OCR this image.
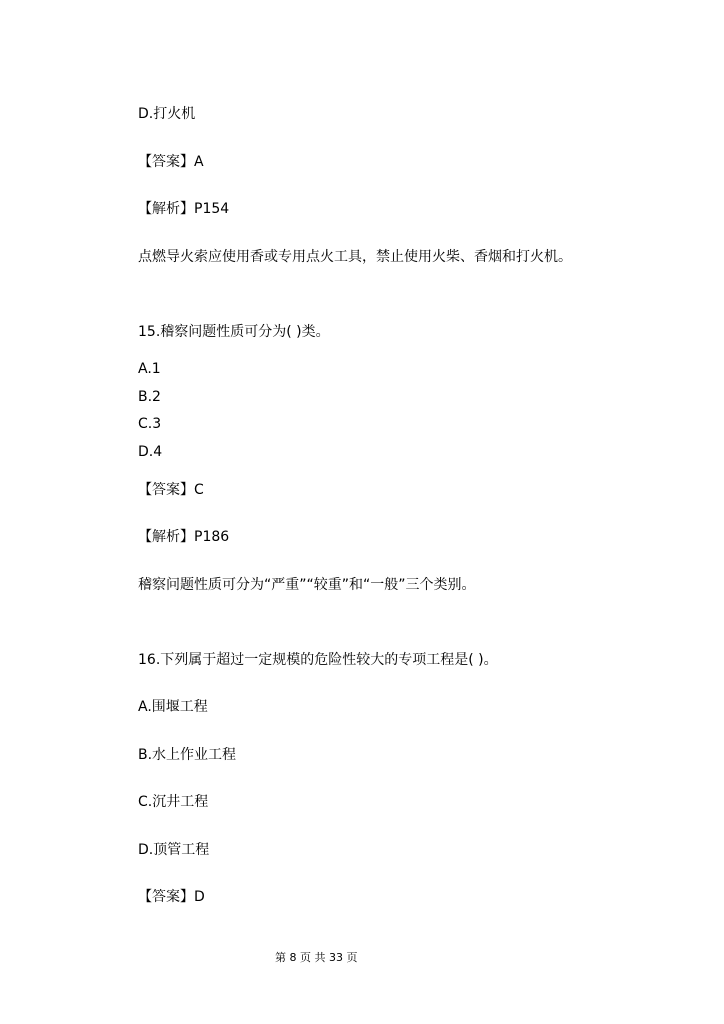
D.打火机
【答案】A
【解析】P154
点燃导火索应使用香或专用点火工具，禁止使用火柴、香烟和打火机。
15.稽察问题性质可分为( )类。
A.1
B.2
C.3
D.4
【答案】C
【解析】P186
稽察问题性质可分为“严重”“较重”和“一般”三个类别。
16.下列属于超过一定规模的危险性较大的专项工程是( )。
A.围堰工程
B.水上作业工程
C.沉井工程
D.顶管工程
【答案】D
第 8 页 共 33 页
